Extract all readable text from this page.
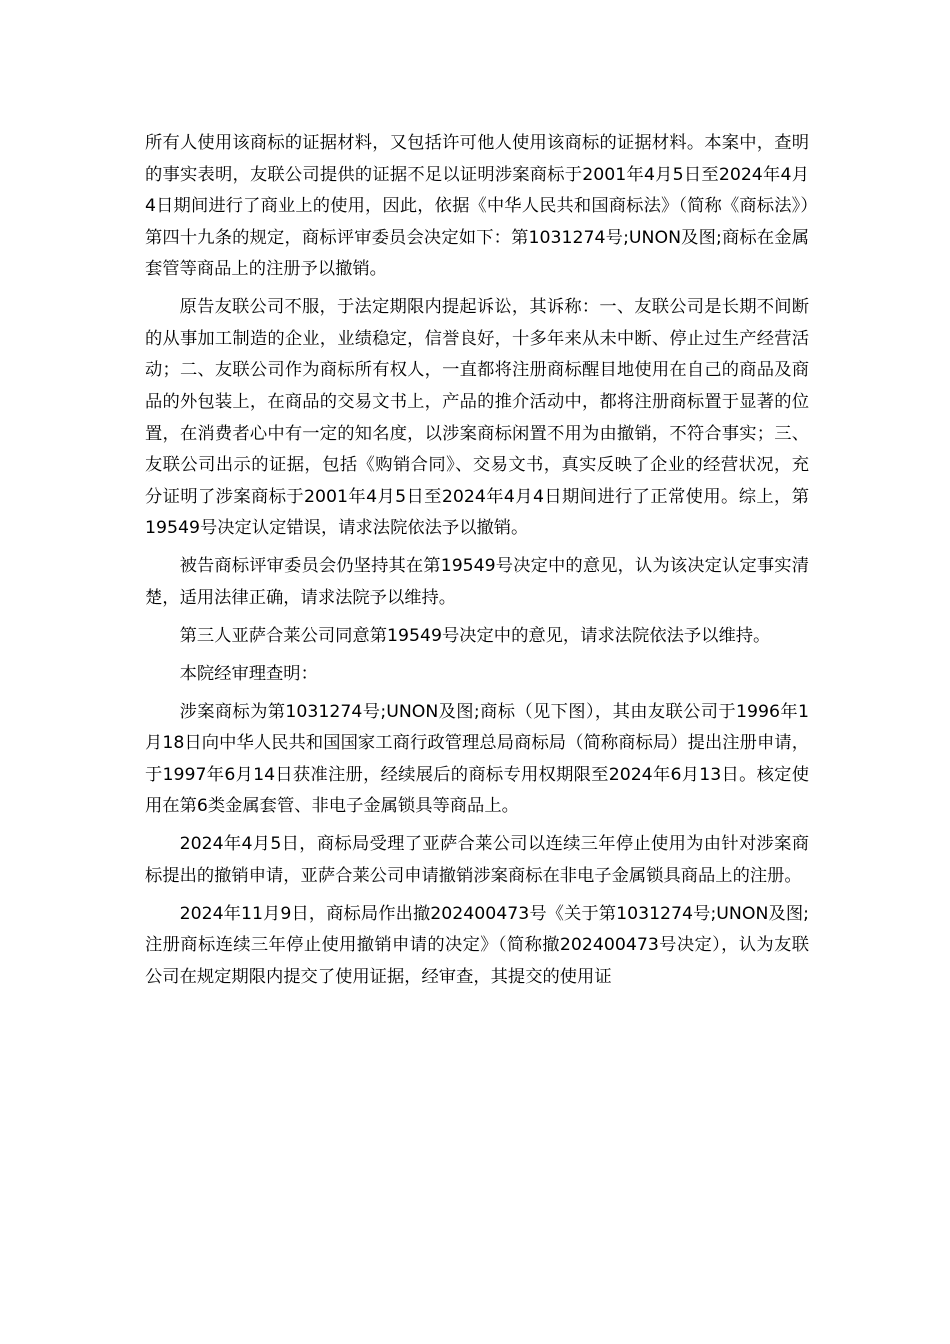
所有人使用该商标的证据材料，又包括许可他人使用该商标的证据材料。本案中，查明的事实表明，友联公司提供的证据不足以证明涉案商标于2001年4月5日至2024年4月4日期间进行了商业上的使用，因此，依据《中华人民共和国商标法》（简称《商标法》）第四十九条的规定，商标评审委员会决定如下：第1031274号;UNON及图;商标在金属套管等商品上的注册予以撤销。

原告友联公司不服，于法定期限内提起诉讼，其诉称：一、友联公司是长期不间断的从事加工制造的企业，业绩稳定，信誉良好，十多年来从未中断、停止过生产经营活动；二、友联公司作为商标所有权人，一直都将注册商标醒目地使用在自己的商品及商品的外包装上，在商品的交易文书上，产品的推介活动中，都将注册商标置于显著的位置，在消费者心中有一定的知名度，以涉案商标闲置不用为由撤销，不符合事实；三、友联公司出示的证据，包括《购销合同》、交易文书，真实反映了企业的经营状况，充分证明了涉案商标于2001年4月5日至2024年4月4日期间进行了正常使用。综上，第19549号决定认定错误，请求法院依法予以撤销。

被告商标评审委员会仍坚持其在第19549号决定中的意见，认为该决定认定事实清楚，适用法律正确，请求法院予以维持。

第三人亚萨合莱公司同意第19549号决定中的意见，请求法院依法予以维持。

本院经审理查明：

涉案商标为第1031274号;UNON及图;商标（见下图），其由友联公司于1996年1月18日向中华人民共和国国家工商行政管理总局商标局（简称商标局）提出注册申请，于1997年6月14日获准注册，经续展后的商标专用权期限至2024年6月13日。核定使用在第6类金属套管、非电子金属锁具等商品上。

2024年4月5日，商标局受理了亚萨合莱公司以连续三年停止使用为由针对涉案商标提出的撤销申请，亚萨合莱公司申请撤销涉案商标在非电子金属锁具商品上的注册。

2024年11月9日，商标局作出撤202400473号《关于第1031274号;UNON及图;注册商标连续三年停止使用撤销申请的决定》（简称撤202400473号决定），认为友联公司在规定期限内提交了使用证据，经审查，其提交的使用证
